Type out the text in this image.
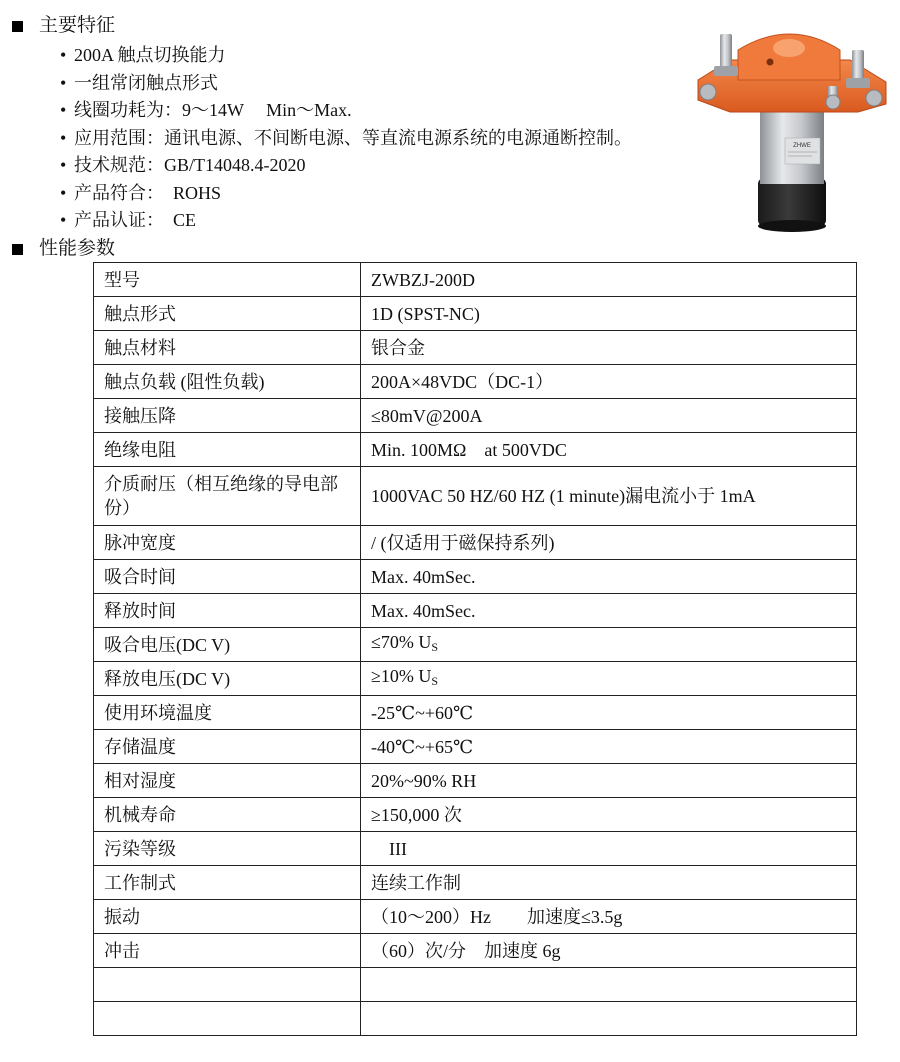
主要特征
• 200A 触点切换能力
• 一组常闭触点形式
• 线圈功耗为：9～14W　 Min～Max.
• 应用范围：通讯电源、不间断电源、等直流电源系统的电源通断控制。
• 技术规范：GB/T14048.4-2020
• 产品符合：　ROHS
• 产品认证：　CE
ZHWE
性能参数
型号	ZWBZJ-200D
触点形式	1D (SPST-NC)
触点材料	银合金
触点负载 (阻性负载)	200A×48VDC（DC-1）
接触压降	≤80mV@200A
绝缘电阻	Min. 100MΩ　at 500VDC
介质耐压（相互绝缘的导电部份）	1000VAC 50 HZ/60 HZ (1 minute)漏电流小于 1mA
脉冲宽度	/ (仅适用于磁保持系列)
吸合时间	Max. 40mSec.
释放时间	Max. 40mSec.
吸合电压(DC V)	≤70% $U_S$
释放电压(DC V)	≥10% $U_S$
使用环境温度	-25℃~+60℃
存储温度	-40℃~+65℃
相对湿度	20%~90% RH
机械寿命	≥150,000 次
污染等级	III
工作制式	连续工作制
振动	（10～200）Hz　　加速度≤3.5g
冲击	（60）次/分　加速度 6g
